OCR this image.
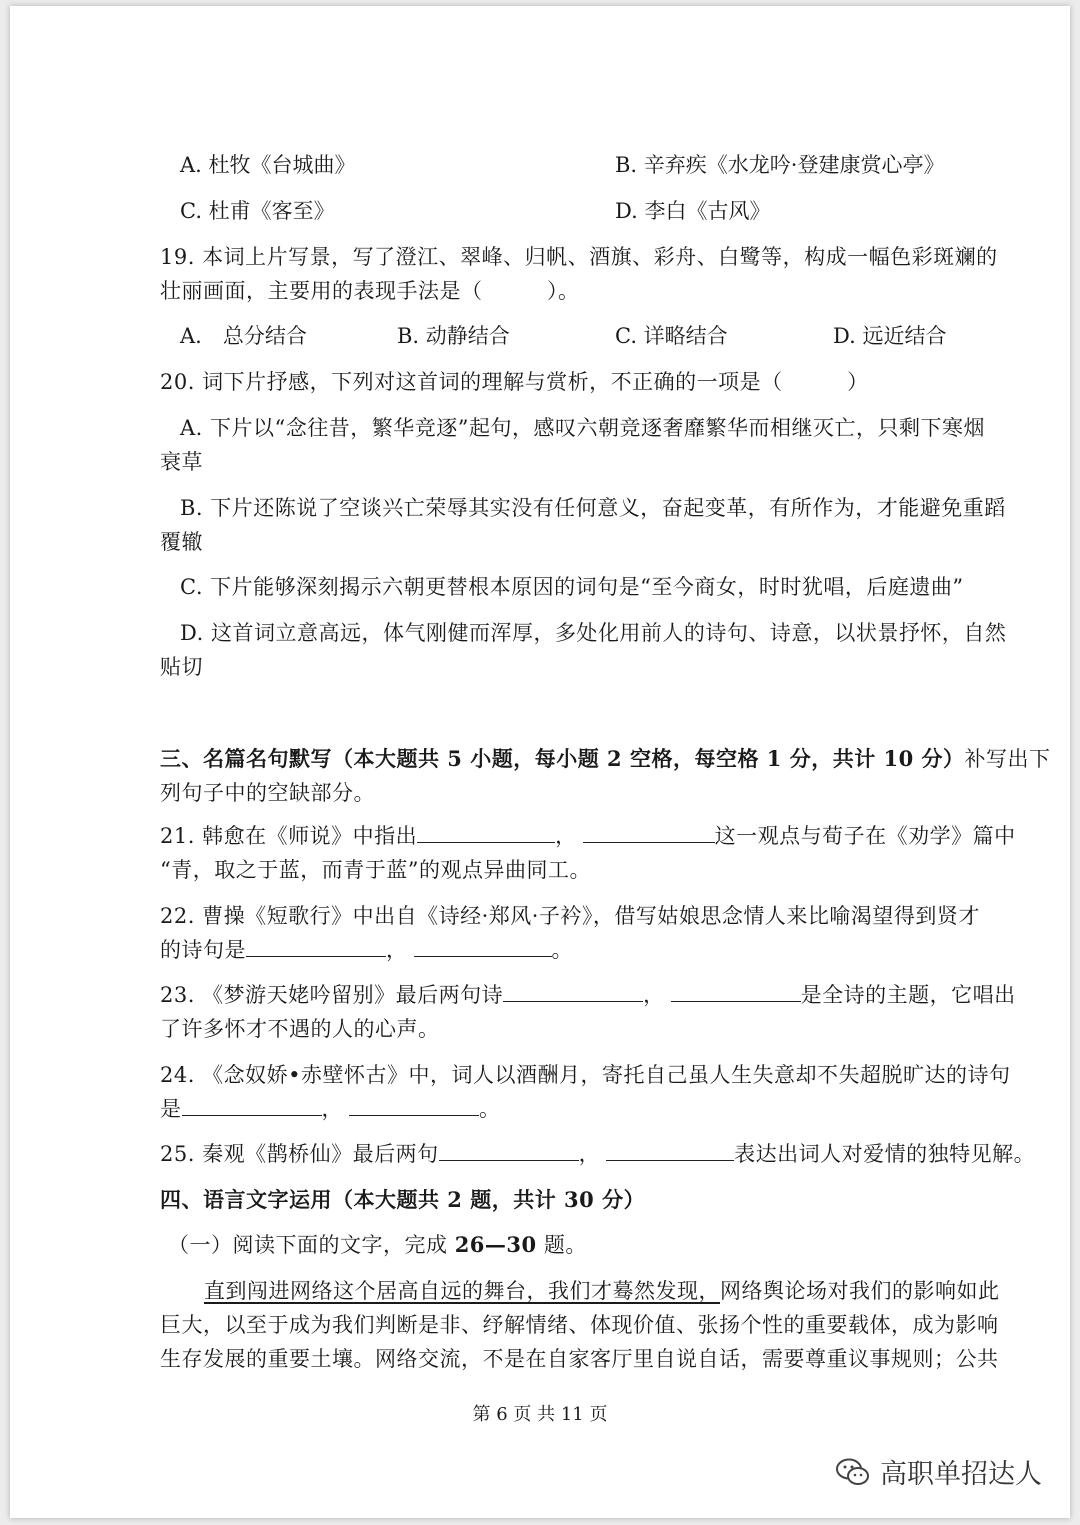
A. 杜牧《台城曲》	B. 辛弃疾《水龙吟·登建康赏心亭》
C. 杜甫《客至》	D. 李白《古风》
19. 本词上片写景，写了澄江、翠峰、归帆、酒旗、彩舟、白鹭等，构成一幅色彩斑斓的
壮丽画面，主要用的表现手法是（　　　）。
A.　总分结合	B. 动静结合	C. 详略结合	D. 远近结合
20. 词下片抒感，下列对这首词的理解与赏析，不正确的一项是（　　　）
A. 下片以“念往昔，繁华竞逐”起句，感叹六朝竞逐奢靡繁华而相继灭亡，只剩下寒烟
衰草
B. 下片还陈说了空谈兴亡荣辱其实没有任何意义，奋起变革，有所作为，才能避免重蹈
覆辙
C. 下片能够深刻揭示六朝更替根本原因的词句是“至今商女，时时犹唱，后庭遗曲”
D. 这首词立意高远，体气刚健而浑厚，多处化用前人的诗句、诗意，以状景抒怀，自然
贴切
三、名篇名句默写（本大题共 5 小题，每小题 2 空格，每空格 1 分，共计 10 分）补写出下
列句子中的空缺部分。
21. 韩愈在《师说》中指出	，	这一观点与荀子在《劝学》篇中
“青，取之于蓝，而青于蓝”的观点异曲同工。
22. 曹操《短歌行》中出自《诗经·郑风·子衿》，借写姑娘思念情人来比喻渴望得到贤才
的诗句是	，	。
23. 《梦游天姥吟留别》最后两句诗	，	是全诗的主题，它唱出
了许多怀才不遇的人的心声。
24. 《念奴娇•赤壁怀古》中，词人以酒酬月，寄托自己虽人生失意却不失超脱旷达的诗句
是	，	。
25. 秦观《鹊桥仙》最后两句	，	表达出词人对爱情的独特见解。
四、语言文字运用（本大题共 2 题，共计 30 分）
（一）阅读下面的文字，完成 26—30 题。
直到闯进网络这个居高自远的舞台，我们才蓦然发现，网络舆论场对我们的影响如此
巨大，以至于成为我们判断是非、纾解情绪、体现价值、张扬个性的重要载体，成为影响
生存发展的重要土壤。网络交流，不是在自家客厅里自说自话，需要尊重议事规则；公共
第 6 页 共 11 页
高职单招达人
